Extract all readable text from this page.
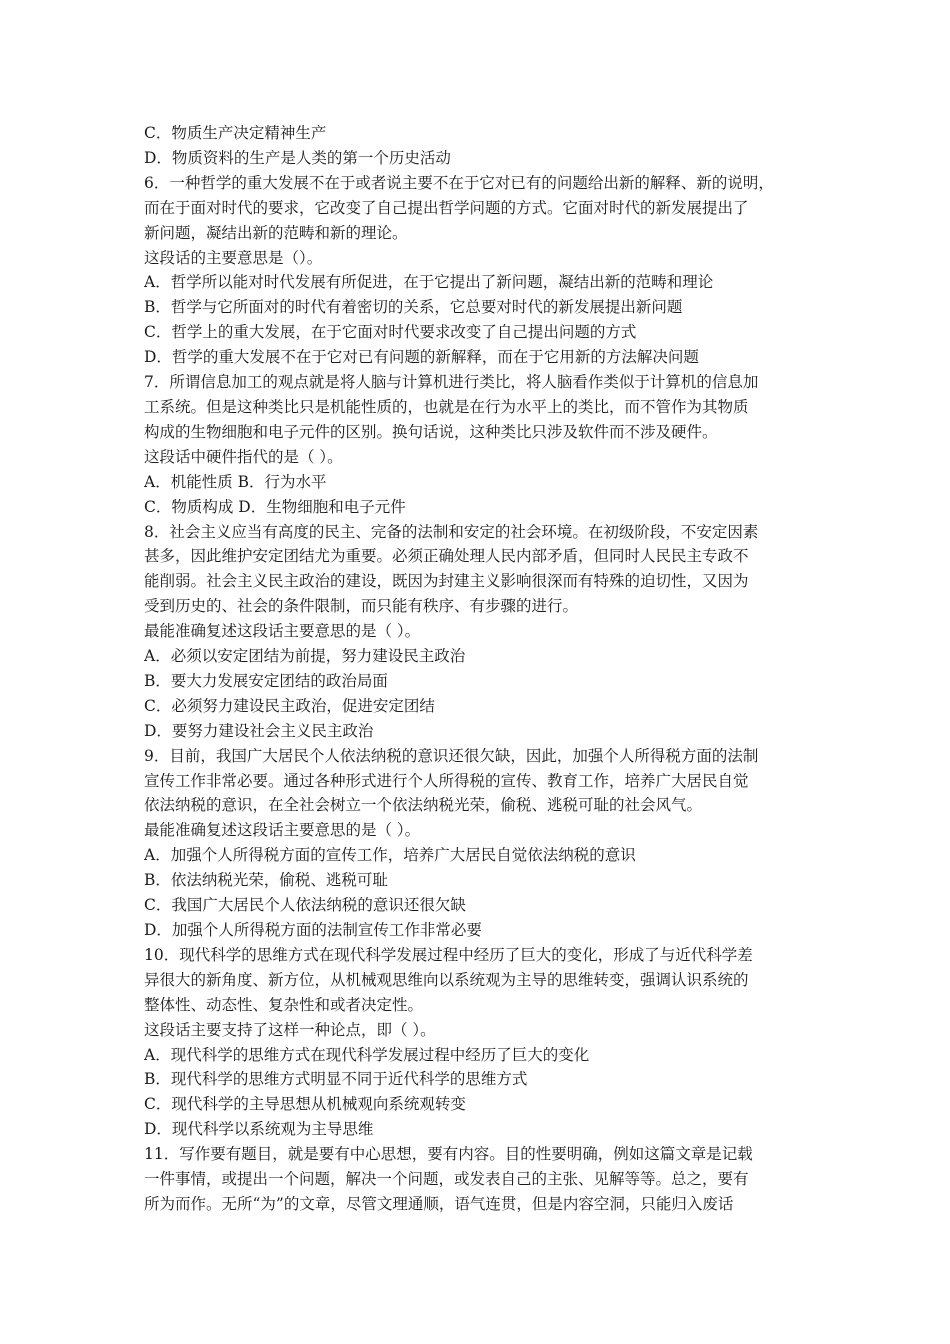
C．物质生产决定精神生产
D．物质资料的生产是人类的第一个历史活动
6．一种哲学的重大发展不在于或者说主要不在于它对已有的问题给出新的解释、新的说明，
而在于面对时代的要求，它改变了自己提出哲学问题的方式。它面对时代的新发展提出了
新问题，凝结出新的范畴和新的理论。
这段话的主要意思是（）。
A．哲学所以能对时代发展有所促进，在于它提出了新问题，凝结出新的范畴和理论
B．哲学与它所面对的时代有着密切的关系，它总要对时代的新发展提出新问题
C．哲学上的重大发展，在于它面对时代要求改变了自己提出问题的方式
D．哲学的重大发展不在于它对已有问题的新解释，而在于它用新的方法解决问题
7．所谓信息加工的观点就是将人脑与计算机进行类比，将人脑看作类似于计算机的信息加
工系统。但是这种类比只是机能性质的，也就是在行为水平上的类比，而不管作为其物质
构成的生物细胞和电子元件的区别。换句话说，这种类比只涉及软件而不涉及硬件。
这段话中硬件指代的是（ ）。
A．机能性质 B．行为水平
C．物质构成 D．生物细胞和电子元件
8．社会主义应当有高度的民主、完备的法制和安定的社会环境。在初级阶段，不安定因素
甚多，因此维护安定团结尤为重要。必须正确处理人民内部矛盾，但同时人民民主专政不
能削弱。社会主义民主政治的建设，既因为封建主义影响很深而有特殊的迫切性，又因为
受到历史的、社会的条件限制，而只能有秩序、有步骤的进行。
最能准确复述这段话主要意思的是（ ）。
A．必须以安定团结为前提，努力建设民主政治
B．要大力发展安定团结的政治局面
C．必须努力建设民主政治，促进安定团结
D．要努力建设社会主义民主政治
9．目前，我国广大居民个人依法纳税的意识还很欠缺，因此，加强个人所得税方面的法制
宣传工作非常必要。通过各种形式进行个人所得税的宣传、教育工作，培养广大居民自觉
依法纳税的意识，在全社会树立一个依法纳税光荣，偷税、逃税可耻的社会风气。
最能准确复述这段话主要意思的是（ ）。
A．加强个人所得税方面的宣传工作，培养广大居民自觉依法纳税的意识
B．依法纳税光荣，偷税、逃税可耻
C．我国广大居民个人依法纳税的意识还很欠缺
D．加强个人所得税方面的法制宣传工作非常必要
10．现代科学的思维方式在现代科学发展过程中经历了巨大的变化，形成了与近代科学差
异很大的新角度、新方位，从机械观思维向以系统观为主导的思维转变，强调认识系统的
整体性、动态性、复杂性和或者决定性。
这段话主要支持了这样一种论点，即（ ）。
A．现代科学的思维方式在现代科学发展过程中经历了巨大的变化
B．现代科学的思维方式明显不同于近代科学的思维方式
C．现代科学的主导思想从机械观向系统观转变
D．现代科学以系统观为主导思维
11．写作要有题目，就是要有中心思想，要有内容。目的性要明确，例如这篇文章是记载
一件事情，或提出一个问题，解决一个问题，或发表自己的主张、见解等等。总之，要有
所为而作。无所“为”的文章，尽管文理通顺，语气连贯，但是内容空洞，只能归入废话
